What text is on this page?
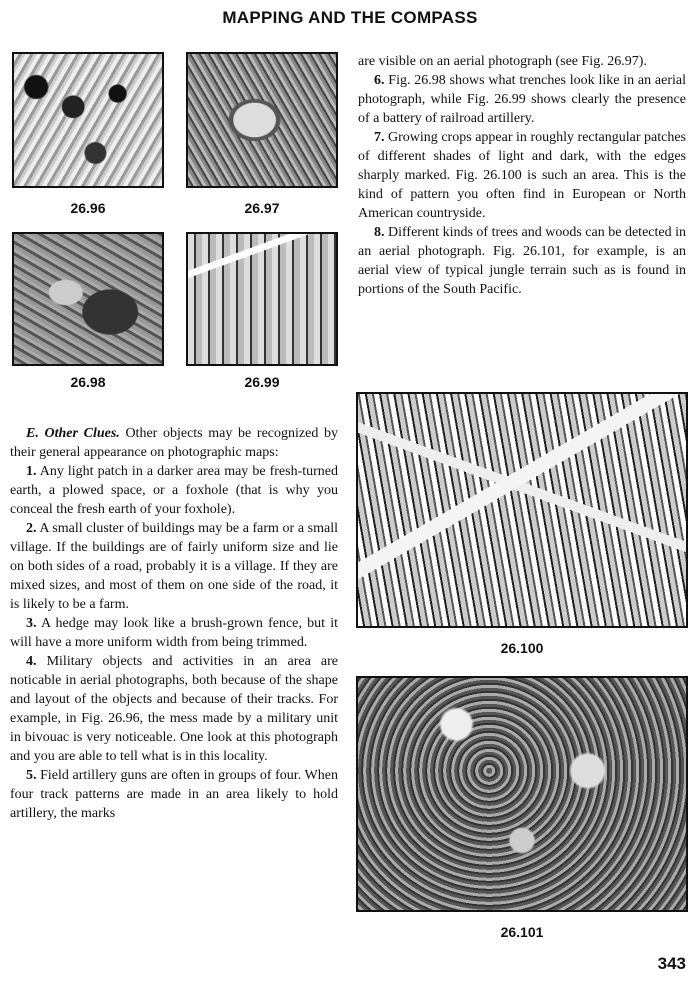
MAPPING AND THE COMPASS
26.96	26.97
26.98	26.99

are visible on an aerial photograph (see Fig. 26.97).

6. Fig. 26.98 shows what trenches look like in an aerial photograph, while Fig. 26.99 shows clearly the presence of a battery of railroad artillery.

7. Growing crops appear in roughly rectangular patches of different shades of light and dark, with the edges sharply marked. Fig. 26.100 is such an area. This is the kind of pattern you often find in European or North American countryside.

8. Different kinds of trees and woods can be detected in an aerial photograph. Fig. 26.101, for example, is an aerial view of typical jungle terrain such as is found in portions of the South Pacific.

E. Other Clues. Other objects may be recognized by their general appearance on photographic maps:

1. Any light patch in a darker area may be fresh-turned earth, a plowed space, or a foxhole (that is why you conceal the fresh earth of your foxhole).

2. A small cluster of buildings may be a farm or a small village. If the buildings are of fairly uniform size and lie on both sides of a road, probably it is a village. If they are mixed sizes, and most of them on one side of the road, it is likely to be a farm.

3. A hedge may look like a brush-grown fence, but it will have a more uniform width from being trimmed.

4. Military objects and activities in an area are noticable in aerial photographs, both because of the shape and layout of the objects and because of their tracks. For example, in Fig. 26.96, the mess made by a military unit in bivouac is very noticeable. One look at this photograph and you are able to tell what is in this locality.

5. Field artillery guns are often in groups of four. When four track patterns are made in an area likely to hold artillery, the marks

26.100
26.101
343
